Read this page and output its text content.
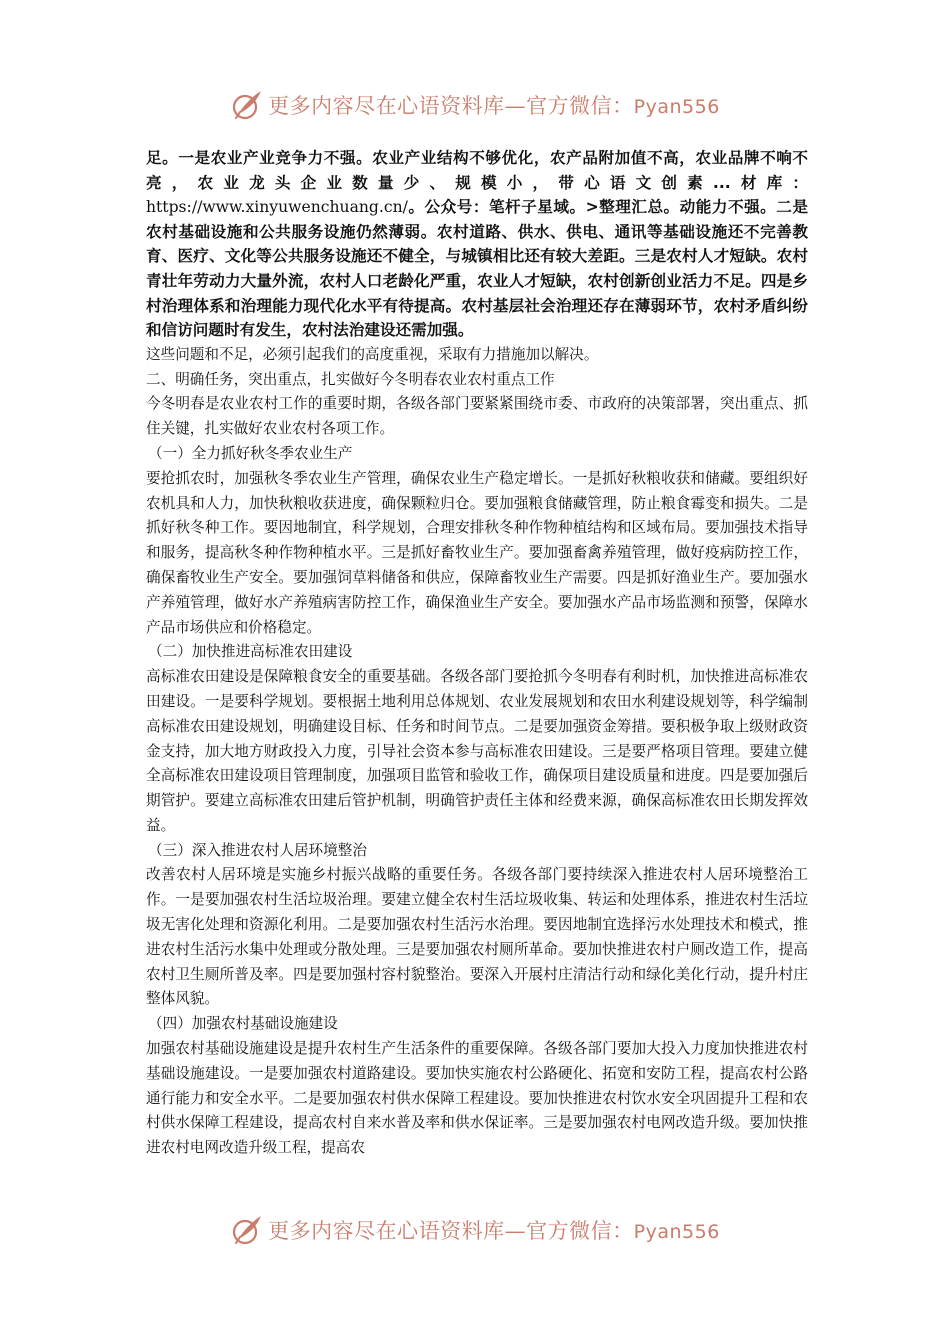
更多内容尽在心语资料库—官方微信：Pyan556

足。一是农业产业竞争力不强。农业产业结构不够优化，农产品附加值不高，农业品牌不响不亮，农业龙头企业数量少、规模小，带心语文创素...材库：https://www.xinyuwenchuang.cn/。公众号：笔杆子星域。>整理汇总。动能力不强。二是农村基础设施和公共服务设施仍然薄弱。农村道路、供水、供电、通讯等基础设施还不完善教育、医疗、文化等公共服务设施还不健全，与城镇相比还有较大差距。三是农村人才短缺。农村青壮年劳动力大量外流，农村人口老龄化严重，农业人才短缺，农村创新创业活力不足。四是乡村治理体系和治理能力现代化水平有待提高。农村基层社会治理还存在薄弱环节，农村矛盾纠纷和信访问题时有发生，农村法治建设还需加强。

这些问题和不足，必须引起我们的高度重视，采取有力措施加以解决。

二、明确任务，突出重点，扎实做好今冬明春农业农村重点工作

今冬明春是农业农村工作的重要时期，各级各部门要紧紧围绕市委、市政府的决策部署，突出重点、抓住关键，扎实做好农业农村各项工作。

（一）全力抓好秋冬季农业生产

要抢抓农时，加强秋冬季农业生产管理，确保农业生产稳定增长。一是抓好秋粮收获和储藏。要组织好农机具和人力，加快秋粮收获进度，确保颗粒归仓。要加强粮食储藏管理，防止粮食霉变和损失。二是抓好秋冬种工作。要因地制宜，科学规划，合理安排秋冬种作物种植结构和区域布局。要加强技术指导和服务，提高秋冬种作物种植水平。三是抓好畜牧业生产。要加强畜禽养殖管理，做好疫病防控工作，确保畜牧业生产安全。要加强饲草料储备和供应，保障畜牧业生产需要。四是抓好渔业生产。要加强水产养殖管理，做好水产养殖病害防控工作，确保渔业生产安全。要加强水产品市场监测和预警，保障水产品市场供应和价格稳定。

（二）加快推进高标准农田建设

高标准农田建设是保障粮食安全的重要基础。各级各部门要抢抓今冬明春有利时机，加快推进高标准农田建设。一是要科学规划。要根据土地利用总体规划、农业发展规划和农田水利建设规划等，科学编制高标准农田建设规划，明确建设目标、任务和时间节点。二是要加强资金筹措。要积极争取上级财政资金支持，加大地方财政投入力度，引导社会资本参与高标准农田建设。三是要严格项目管理。要建立健全高标准农田建设项目管理制度，加强项目监管和验收工作，确保项目建设质量和进度。四是要加强后期管护。要建立高标准农田建后管护机制，明确管护责任主体和经费来源，确保高标准农田长期发挥效益。

（三）深入推进农村人居环境整治

改善农村人居环境是实施乡村振兴战略的重要任务。各级各部门要持续深入推进农村人居环境整治工作。一是要加强农村生活垃圾治理。要建立健全农村生活垃圾收集、转运和处理体系，推进农村生活垃圾无害化处理和资源化利用。二是要加强农村生活污水治理。要因地制宜选择污水处理技术和模式，推进农村生活污水集中处理或分散处理。三是要加强农村厕所革命。要加快推进农村户厕改造工作，提高农村卫生厕所普及率。四是要加强村容村貌整治。要深入开展村庄清洁行动和绿化美化行动，提升村庄整体风貌。

（四）加强农村基础设施建设

加强农村基础设施建设是提升农村生产生活条件的重要保障。各级各部门要加大投入力度加快推进农村基础设施建设。一是要加强农村道路建设。要加快实施农村公路硬化、拓宽和安防工程，提高农村公路通行能力和安全水平。二是要加强农村供水保障工程建设。要加快推进农村饮水安全巩固提升工程和农村供水保障工程建设，提高农村自来水普及率和供水保证率。三是要加强农村电网改造升级。要加快推进农村电网改造升级工程，提高农

更多内容尽在心语资料库—官方微信：Pyan556
